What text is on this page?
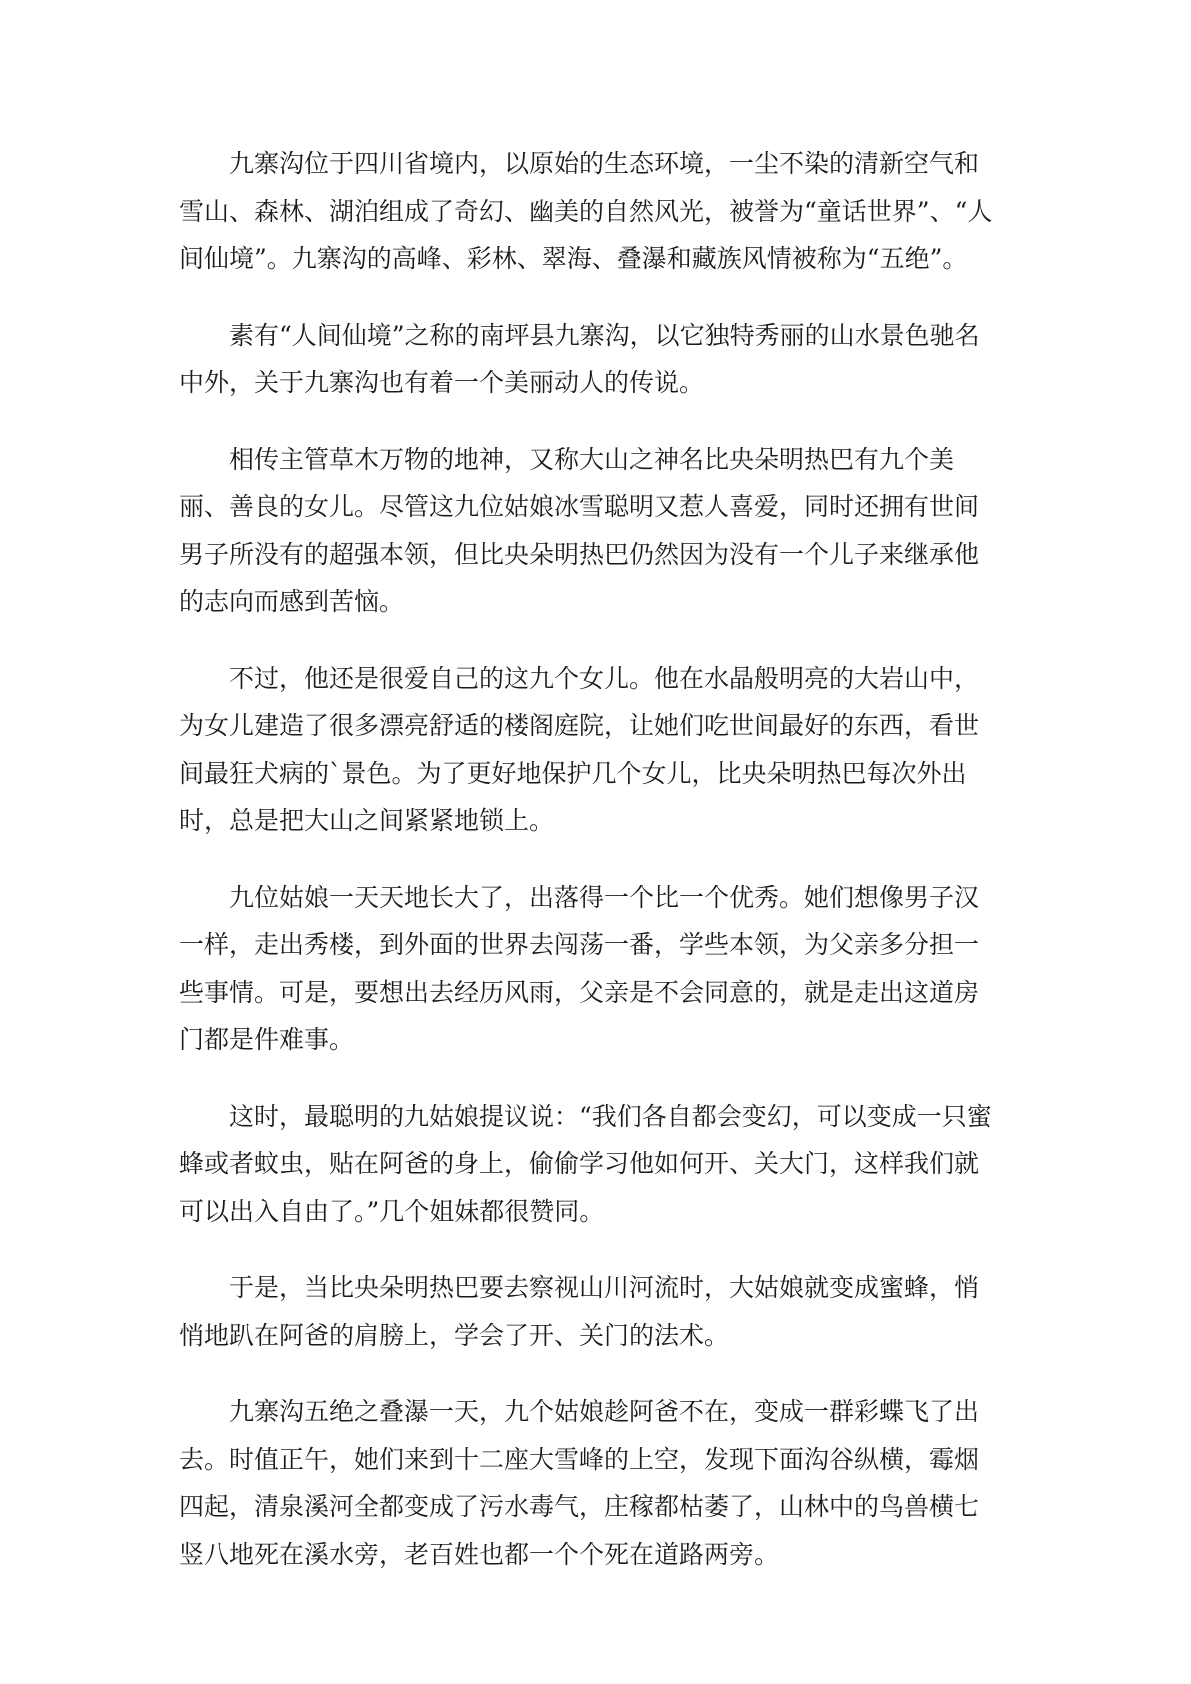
九寨沟位于四川省境内，以原始的生态环境，一尘不染的清新空气和雪山、森林、湖泊组成了奇幻、幽美的自然风光，被誉为“童话世界”、“人间仙境”。九寨沟的高峰、彩林、翠海、叠瀑和藏族风情被称为“五绝”。

素有“人间仙境”之称的南坪县九寨沟，以它独特秀丽的山水景色驰名中外，关于九寨沟也有着一个美丽动人的传说。

相传主管草木万物的地神，又称大山之神名比央朵明热巴有九个美丽、善良的女儿。尽管这九位姑娘冰雪聪明又惹人喜爱，同时还拥有世间男子所没有的超强本领，但比央朵明热巴仍然因为没有一个儿子来继承他的志向而感到苦恼。

不过，他还是很爱自己的这九个女儿。他在水晶般明亮的大岩山中，为女儿建造了很多漂亮舒适的楼阁庭院，让她们吃世间最好的东西，看世间最狂犬病的`景色。为了更好地保护几个女儿，比央朵明热巴每次外出时，总是把大山之间紧紧地锁上。

九位姑娘一天天地长大了，出落得一个比一个优秀。她们想像男子汉一样，走出秀楼，到外面的世界去闯荡一番，学些本领，为父亲多分担一些事情。可是，要想出去经历风雨，父亲是不会同意的，就是走出这道房门都是件难事。

这时，最聪明的九姑娘提议说：“我们各自都会变幻，可以变成一只蜜蜂或者蚊虫，贴在阿爸的身上，偷偷学习他如何开、关大门，这样我们就可以出入自由了。”几个姐妹都很赞同。

于是，当比央朵明热巴要去察视山川河流时，大姑娘就变成蜜蜂，悄悄地趴在阿爸的肩膀上，学会了开、关门的法术。

九寨沟五绝之叠瀑一天，九个姑娘趁阿爸不在，变成一群彩蝶飞了出去。时值正午，她们来到十二座大雪峰的上空，发现下面沟谷纵横，霉烟四起，清泉溪河全都变成了污水毒气，庄稼都枯萎了，山林中的鸟兽横七竖八地死在溪水旁，老百姓也都一个个死在道路两旁。
